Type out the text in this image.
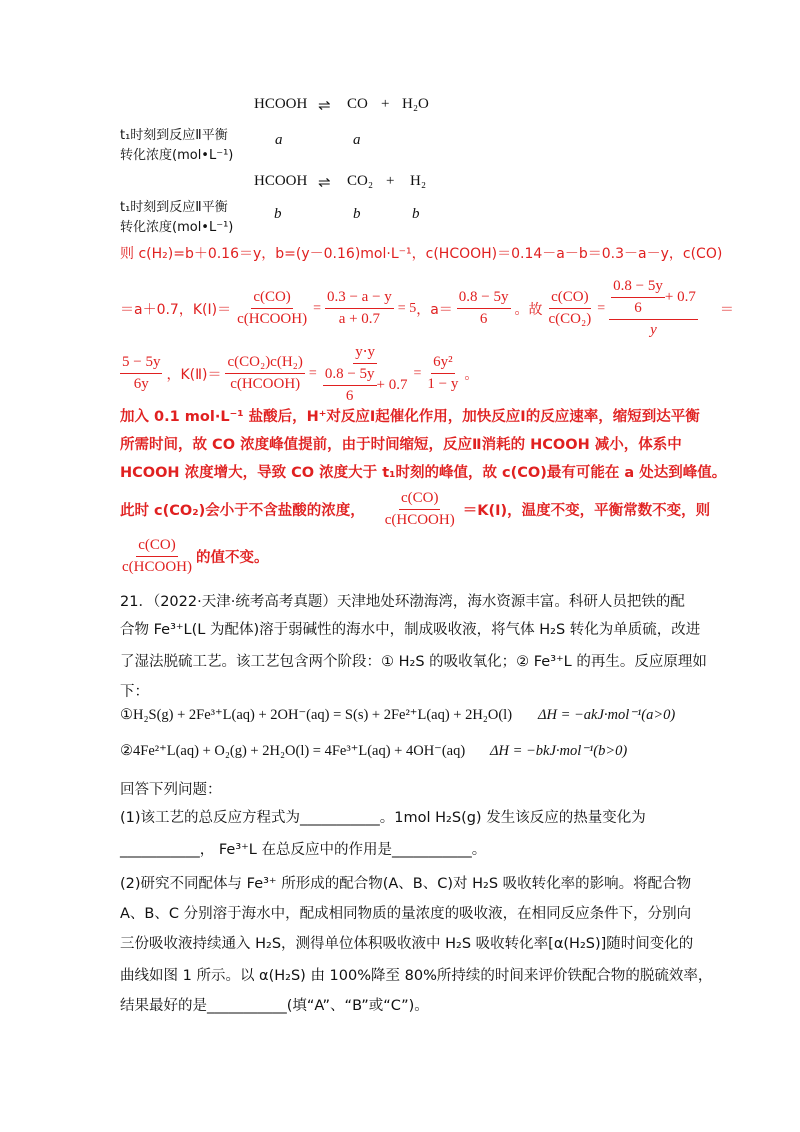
HCOOH ⇌ CO + H₂O
t₁时刻到反应Ⅱ平衡
转化浓度(mol•L⁻¹)
a	a
HCOOH ⇌ CO₂ + H₂
t₁时刻到反应Ⅱ平衡
转化浓度(mol•L⁻¹)
b	b	b
则 c(H₂)=b＋0.16＝y，b=(y－0.16)mol·L⁻¹，c(HCOOH)＝0.14－a－b＝0.3－a－y，c(CO)
＝a＋0.7，K(Ⅰ)＝ $\frac{c(CO)}{\text{c(HCOOH)}} = \frac{0.3 - a - y}{a + 0.7} = 5$ ，$a= \frac{0.8 - 5y}{6}$ 。故 $\frac{c(CO)}{\text{c(CO₂)}} = \frac{\frac{0.8 - 5y}{6} + 0.7}{y}$ ＝
$\frac{5 - 5y}{6y}$ ，K(Ⅱ)＝ $\frac{\text{c(CO₂)c(H₂)}}{\text{c(HCOOH)}} = \frac{y\cdot y}{\frac{0.8 - 5y}{6} + 0.7} = \frac{\text{6y²}}{1 - y}$ 。
加入 0.1 mol·L⁻¹ 盐酸后，H⁺对反应Ⅰ起催化作用，加快反应Ⅰ的反应速率，缩短到达平衡
所需时间，故 CO 浓度峰值提前，由于时间缩短，反应Ⅱ消耗的 HCOOH 减小，体系中
HCOOH 浓度增大，导致 CO 浓度大于 t₁时刻的峰值，故 c(CO)最有可能在 a 处达到峰值。
此时 c(CO₂)会小于不含盐酸的浓度， $\frac{c(CO)}{\text{c(HCOOH)}}$ ＝K(Ⅰ)，温度不变，平衡常数不变，则
$\frac{c(CO)}{\text{c(HCOOH)}}$ 的值不变。
21．（2022·天津·统考高考真题）天津地处环渤海湾，海水资源丰富。科研人员把铁的配
合物 Fe³⁺L(L 为配体)溶于弱碱性的海水中，制成吸收液，将气体 H₂S 转化为单质硫，改进
了湿法脱硫工艺。该工艺包含两个阶段：① H₂S 的吸收氧化；② Fe³⁺L 的再生。反应原理如
下：
①H₂S(g) + 2Fe³⁺L(aq) + 2OH⁻(aq) = S(s) + 2Fe²⁺L(aq) + 2H₂O(l) ΔH = −akJ·mol⁻¹(a>0)
②4Fe²⁺L(aq) + O₂(g) + 2H₂O(l) = 4Fe³⁺L(aq) + 4OH⁻(aq) ΔH = −bkJ·mol⁻¹(b>0)
回答下列问题：
(1)该工艺的总反应方程式为___________。1mol H₂S(g) 发生该反应的热量变化为
___________， Fe³⁺L 在总反应中的作用是___________。
(2)研究不同配体与 Fe³⁺ 所形成的配合物(A、B、C)对 H₂S 吸收转化率的影响。将配合物
A、B、C 分别溶于海水中，配成相同物质的量浓度的吸收液，在相同反应条件下，分别向
三份吸收液持续通入 H₂S，测得单位体积吸收液中 H₂S 吸收转化率[α(H₂S)]随时间变化的
曲线如图 1 所示。以 α(H₂S) 由 100%降至 80%所持续的时间来评价铁配合物的脱硫效率，
结果最好的是___________(填“A”、“B”或“C”)。
